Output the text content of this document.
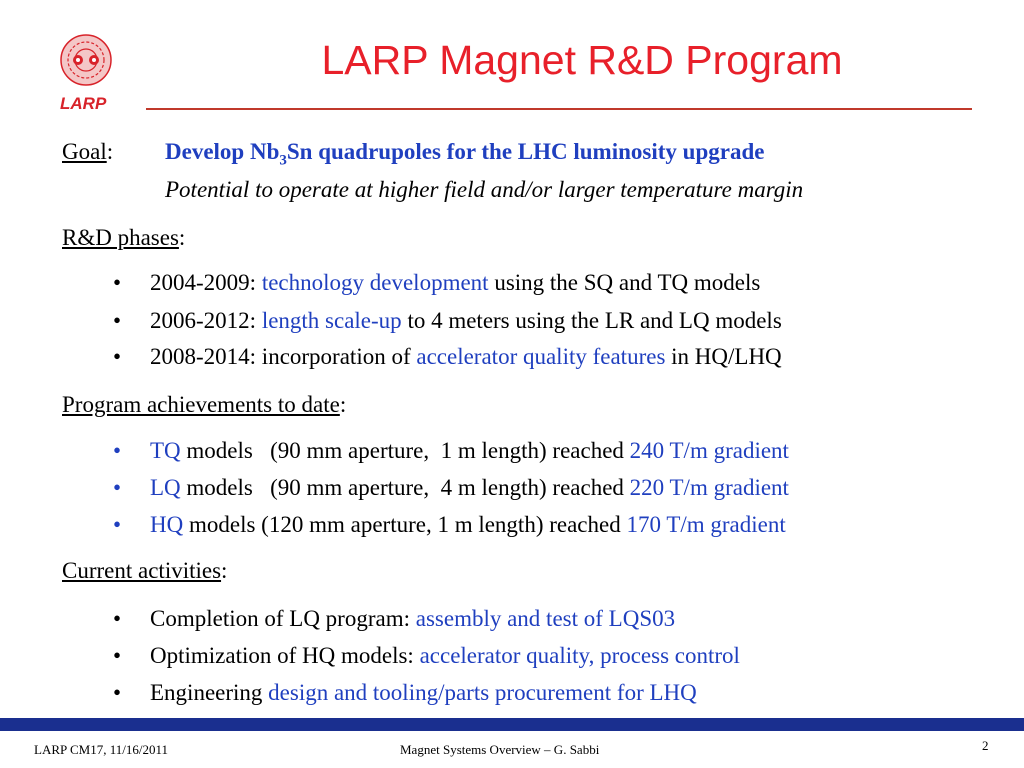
LARP
LARP Magnet R&D Program
Goal: Develop $Nb_3Sn$ quadrupoles for the LHC luminosity upgrade
Potential to operate at higher field and/or larger temperature margin
R&D phases:
• 2004-2009: technology development using the SQ and TQ models
• 2006-2012: length scale-up to 4 meters using the LR and LQ models
• 2008-2014: incorporation of accelerator quality features in HQ/LHQ
Program achievements to date:
• TQ models   (90 mm aperture,  1 m length) reached 240 T/m gradient
• LQ models   (90 mm aperture,  4 m length) reached 220 T/m gradient
• HQ models (120 mm aperture, 1 m length) reached 170 T/m gradient
Current activities:
• Completion of LQ program: assembly and test of LQS03
• Optimization of HQ models: accelerator quality, process control
• Engineering design and tooling/parts procurement for LHQ
LARP CM17, 11/16/2011	Magnet Systems Overview – G. Sabbi	2
